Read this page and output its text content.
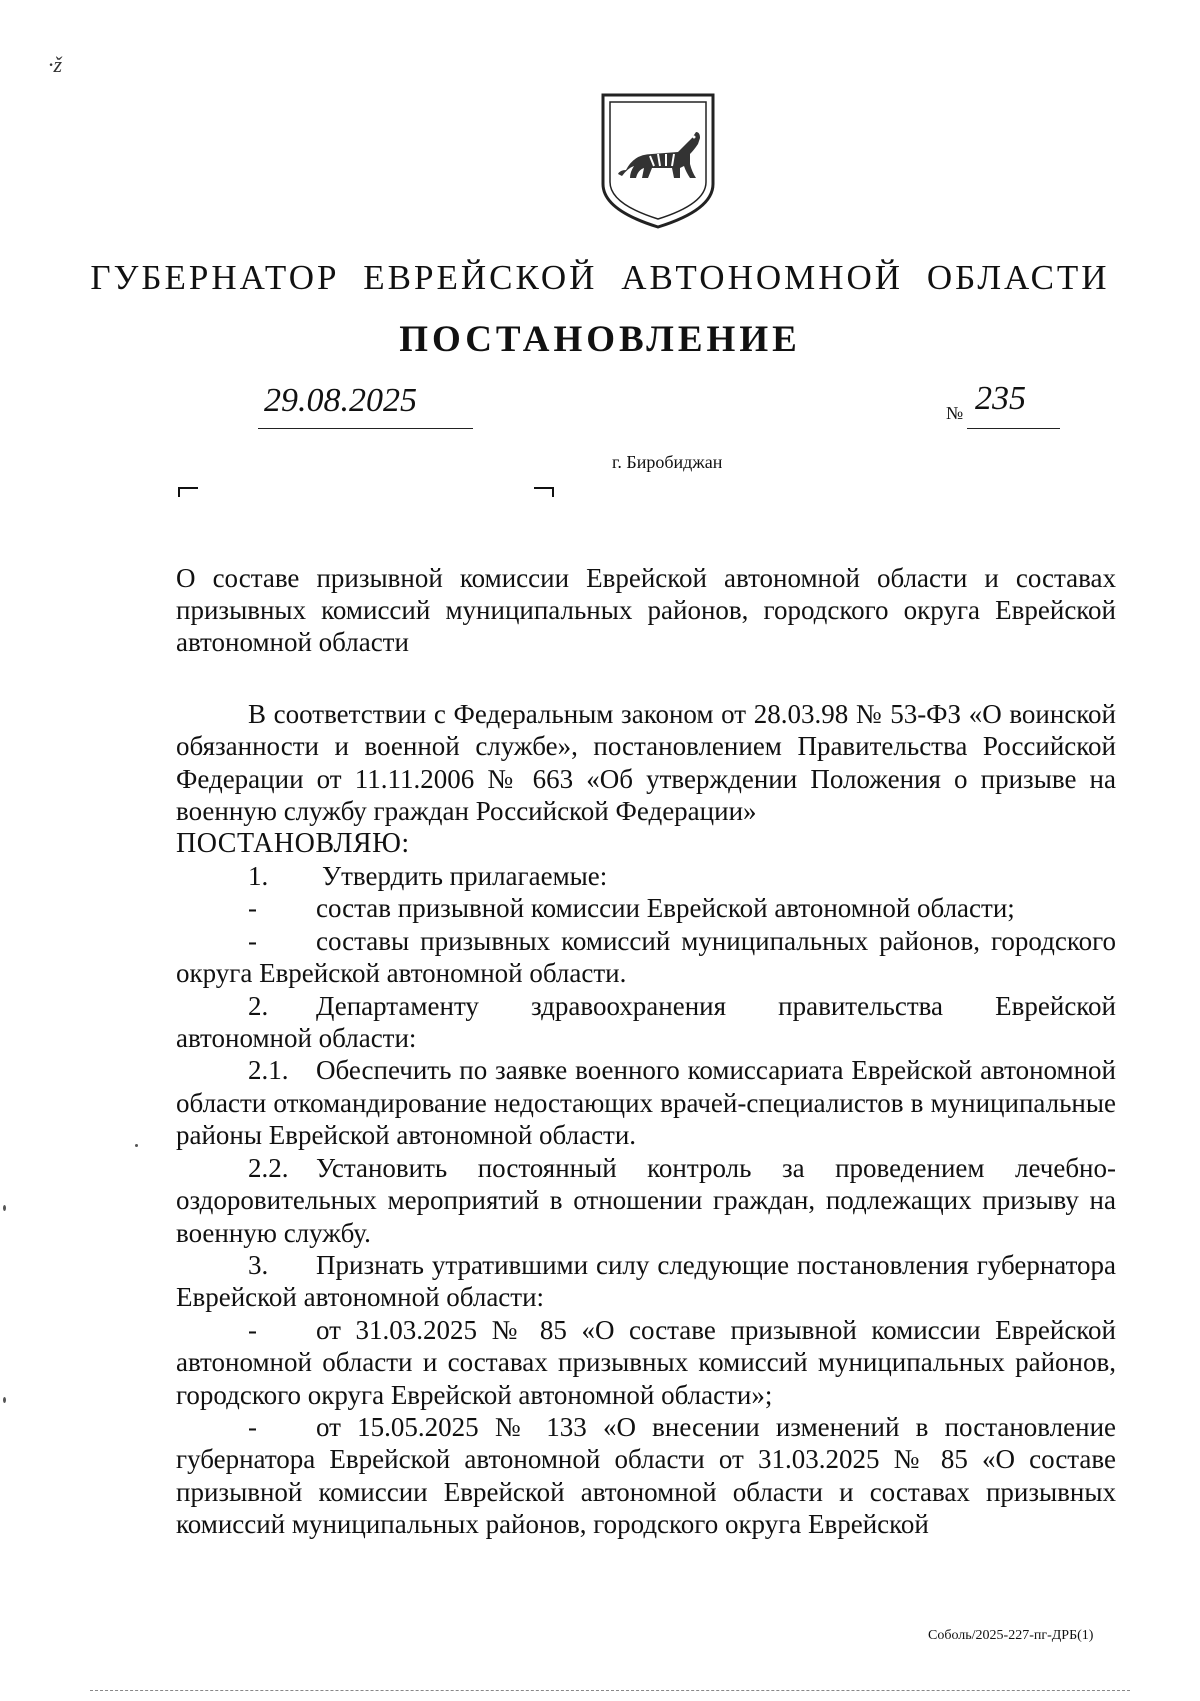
·ž
ГУБЕРНАТОР ЕВРЕЙСКОЙ АВТОНОМНОЙ ОБЛАСТИ
ПОСТАНОВЛЕНИЕ
29.08.2025	№ 235
г. Биробиджан

О составе призывной комиссии Еврейской автономной области и составах призывных комиссий муниципальных районов, городского округа Еврейской автономной области

В соответствии с Федеральным законом от 28.03.98 № 53-ФЗ «О воинской обязанности и военной службе», постановлением Правительства Российской Федерации от 11.11.2006 № 663 «Об утверждении Положения о призыве на военную службу граждан Российской Федерации»

ПОСТАНОВЛЯЮ:

1.	Утвердить прилагаемые:

- состав призывной комиссии Еврейской автономной области;

- составы призывных комиссий муниципальных районов, городского округа Еврейской автономной области.

2. Департаменту здравоохранения правительства Еврейской автономной области:

2.1. Обеспечить по заявке военного комиссариата Еврейской автономной области откомандирование недостающих врачей-специалистов в муниципальные районы Еврейской автономной области.

2.2. Установить постоянный контроль за проведением лечебно-оздоровительных мероприятий в отношении граждан, подлежащих призыву на военную службу.

3. Признать утратившими силу следующие постановления губернатора Еврейской автономной области:

- от 31.03.2025 № 85 «О составе призывной комиссии Еврейской автономной области и составах призывных комиссий муниципальных районов, городского округа Еврейской автономной области»;

- от 15.05.2025 № 133 «О внесении изменений в постановление губернатора Еврейской автономной области от 31.03.2025 № 85 «О составе призывной комиссии Еврейской автономной области и составах призывных комиссий муниципальных районов, городского округа Еврейской

Соболь/2025-227-пг-ДРБ(1)
